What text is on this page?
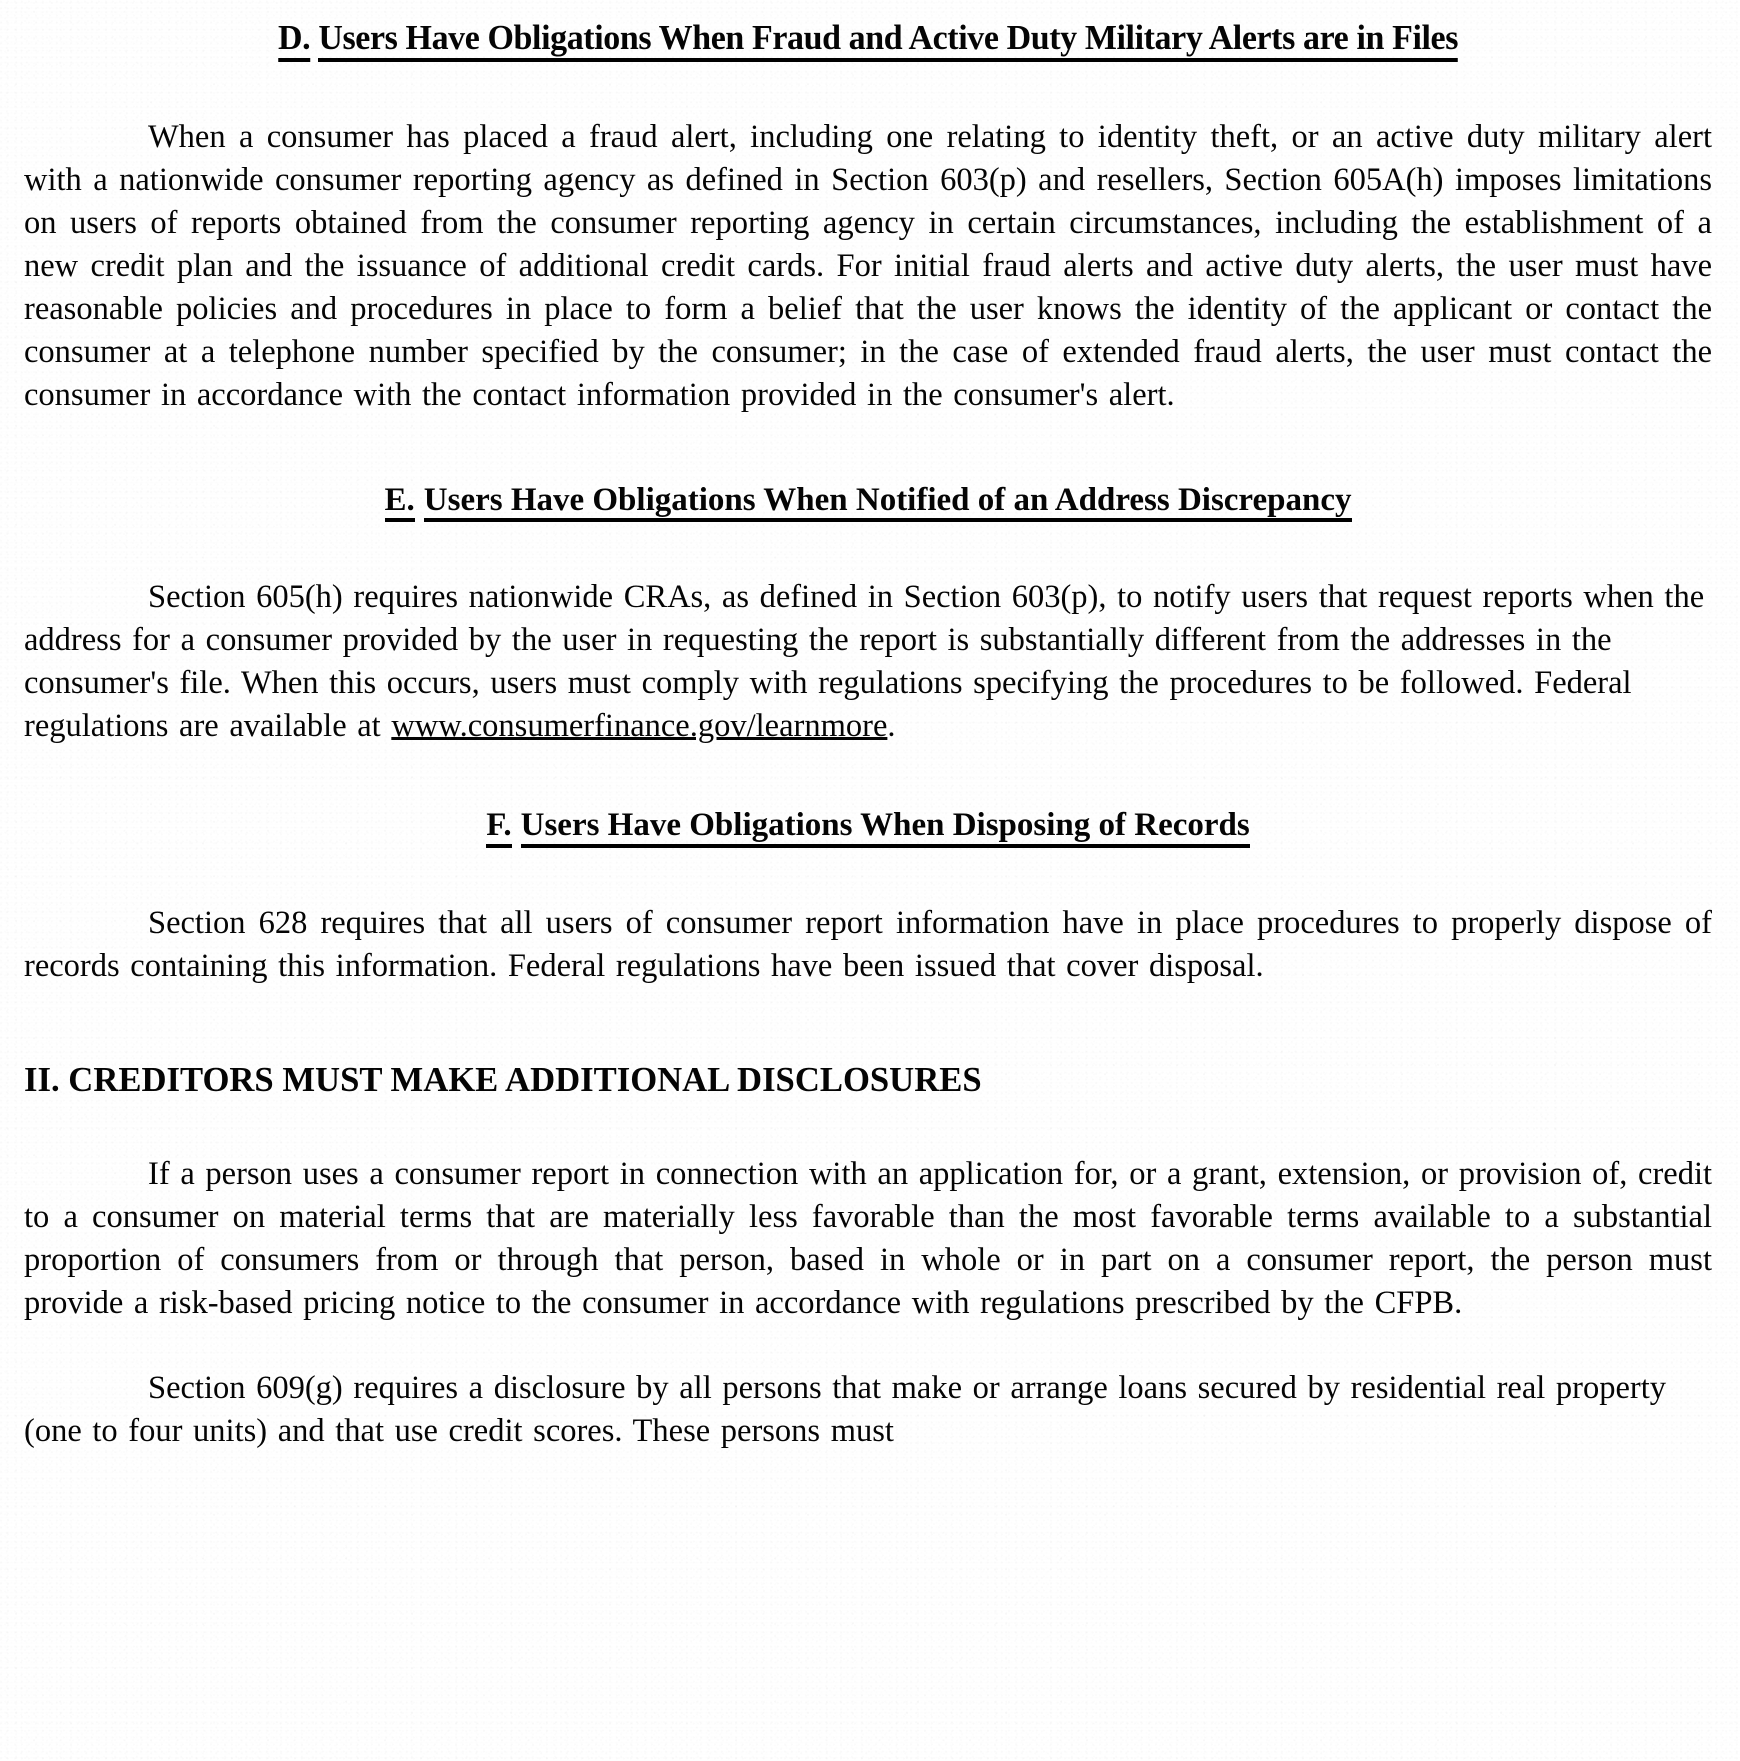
D. Users Have Obligations When Fraud and Active Duty Military Alerts are in Files

When a consumer has placed a fraud alert, including one relating to identity theft, or an active duty military alert with a nationwide consumer reporting agency as defined in Section 603(p) and resellers, Section 605A(h) imposes limitations on users of reports obtained from the consumer reporting agency in certain circumstances, including the establishment of a new credit plan and the issuance of additional credit cards. For initial fraud alerts and active duty alerts, the user must have reasonable policies and procedures in place to form a belief that the user knows the identity of the applicant or contact the consumer at a telephone number specified by the consumer; in the case of extended fraud alerts, the user must contact the consumer in accordance with the contact information provided in the consumer's alert.

E. Users Have Obligations When Notified of an Address Discrepancy

Section 605(h) requires nationwide CRAs, as defined in Section 603(p), to notify users that request reports when the address for a consumer provided by the user in requesting the report is substantially different from the addresses in the consumer's file. When this occurs, users must comply with regulations specifying the procedures to be followed. Federal regulations are available at www.consumerfinance.gov/learnmore.

F. Users Have Obligations When Disposing of Records

Section 628 requires that all users of consumer report information have in place procedures to properly dispose of records containing this information. Federal regulations have been issued that cover disposal.

II. CREDITORS MUST MAKE ADDITIONAL DISCLOSURES

If a person uses a consumer report in connection with an application for, or a grant, extension, or provision of, credit to a consumer on material terms that are materially less favorable than the most favorable terms available to a substantial proportion of consumers from or through that person, based in whole or in part on a consumer report, the person must provide a risk-based pricing notice to the consumer in accordance with regulations prescribed by the CFPB.

Section 609(g) requires a disclosure by all persons that make or arrange loans secured by residential real property (one to four units) and that use credit scores. These persons must
